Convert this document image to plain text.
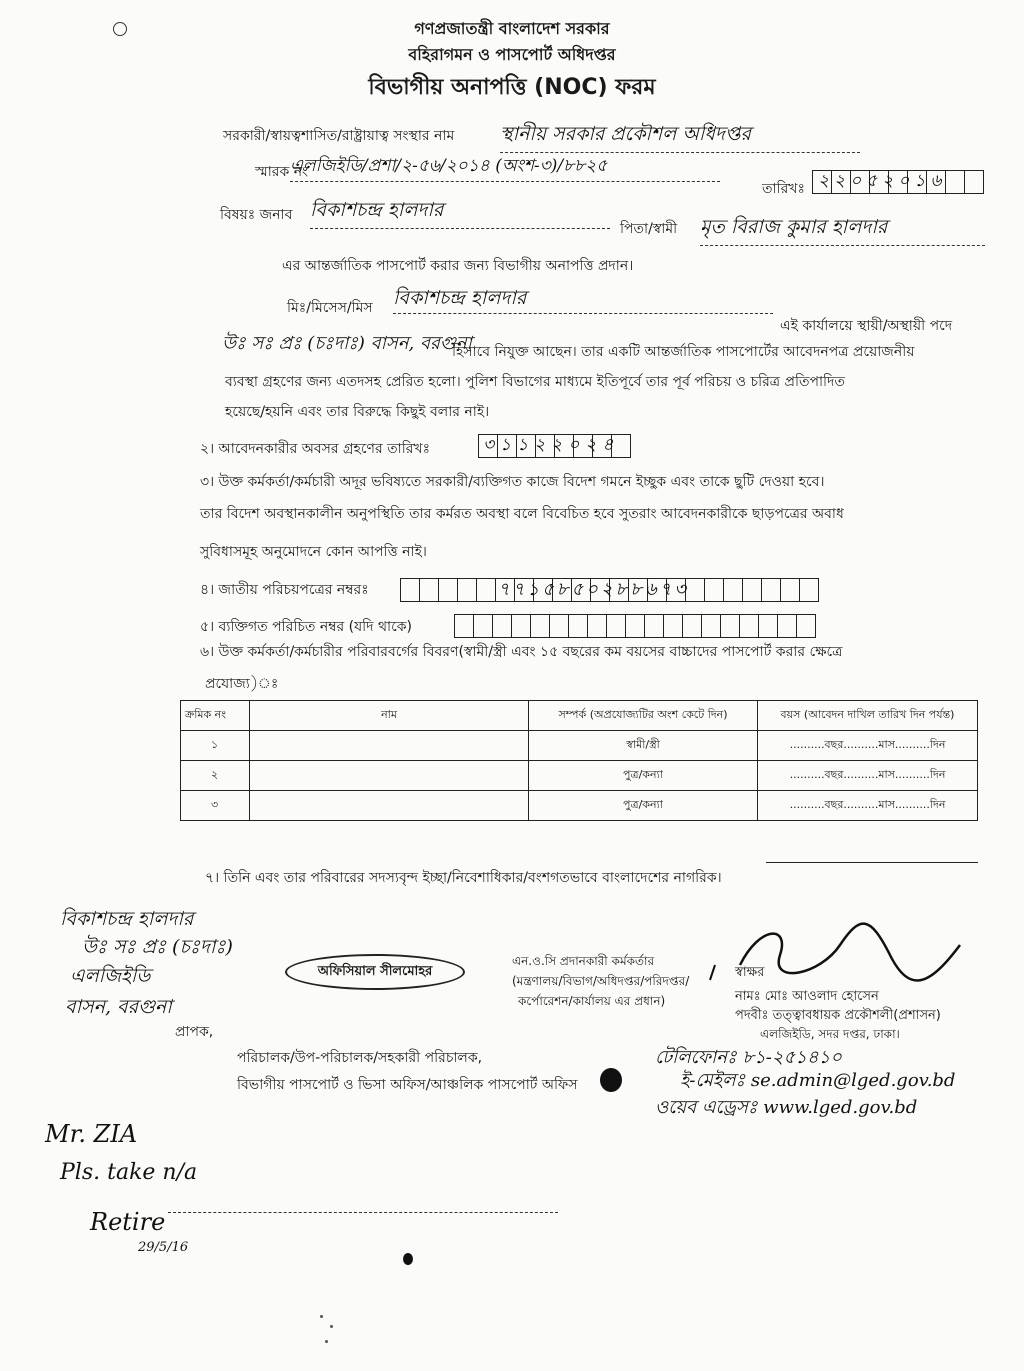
গণপ্রজাতন্ত্রী বাংলাদেশ সরকার
বহিরাগমন ও পাসপোর্ট অধিদপ্তর
বিভাগীয় অনাপত্তি (NOC) ফরম
সরকারী/স্বায়ত্বশাসিত/রাষ্ট্রায়াত্ব সংস্থার নাম স্থানীয় সরকার প্রকৌশল অধিদপ্তর
স্মারক নং
এলজিইডি/প্রশা/২-৫৬/২০১৪ (অংশ-৩)/৮৮২৫
তারিখঃ ২২০৫২০১৬
বিষয়ঃ জনাব বিকাশচন্দ্র হালদার
পিতা/স্বামী মৃত বিরাজ কুমার হালদার
এর আন্তর্জাতিক পাসপোর্ট করার জন্য বিভাগীয় অনাপত্তি প্রদান।
মিঃ/মিসেস/মিস বিকাশচন্দ্র হালদার
এই কার্যালয়ে স্থায়ী/অস্থায়ী পদে
উঃ সঃ প্রঃ (চঃদাঃ) বাসন, বরগুনা
হিসাবে নিযুক্ত আছেন। তার একটি আন্তর্জাতিক পাসপোর্টের আবেদনপত্র প্রয়োজনীয়
ব্যবস্থা গ্রহণের জন্য এতদসহ প্রেরিত হলো। পুলিশ বিভাগের মাধ্যমে ইতিপূর্বে তার পূর্ব পরিচয় ও চরিত্র প্রতিপাদিত
হয়েছে/হয়নি এবং তার বিরুদ্ধে কিছুই বলার নাই।
২। আবেদনকারীর অবসর গ্রহণের তারিখঃ	৩১১২২০২৪
৩। উক্ত কর্মকর্তা/কর্মচারী অদূর ভবিষ্যতে সরকারী/ব্যক্তিগত কাজে বিদেশ গমনে ইচ্ছুক এবং তাকে ছুটি দেওয়া হবে।
তার বিদেশ অবস্থানকালীন অনুপস্থিতি তার কর্মরত অবস্থা বলে বিবেচিত হবে সুতরাং আবেদনকারীকে ছাড়পত্রের অবাধ
সুবিধাসমূহ অনুমোদনে কোন আপত্তি নাই।
৪। জাতীয় পরিচয়পত্রের নম্বরঃ	৭৭১৫৮৫০২৮৮৬৭৩
৫। ব্যক্তিগত পরিচিত নম্বর (যদি থাকে)
৬। উক্ত কর্মকর্তা/কর্মচারীর পরিবারবর্গের বিবরণ(স্বামী/স্ত্রী এবং ১৫ বছরের কম বয়সের বাচ্চাদের পাসপোর্ট করার ক্ষেত্রে
প্রযোজ্য)ঃ
ক্রমিক নং	নাম	সম্পর্ক (অপ্রযোজ্যটির অংশ কেটে দিন)	বয়স (আবেদন দাখিল তারিখ দিন পর্যন্ত)
১		স্বামী/স্ত্রী	..........বছর..........মাস..........দিন
২		পুত্র/কন্যা	..........বছর..........মাস..........দিন
৩		পুত্র/কন্যা	..........বছর..........মাস..........দিন
৭। তিনি এবং তার পরিবারের সদস্যবৃন্দ ইচ্ছা/নিবেশাধিকার/বংশগতভাবে বাংলাদেশের নাগরিক।
বিকাশচন্দ্র হালদার
উঃ সঃ প্রঃ (চঃদাঃ)
এলজিইডি
বাসন, বরগুনা
প্রাপক,
অফিসিয়াল সীলমোহর
এন.ও.সি প্রদানকারী কর্মকর্তার
(মন্ত্রণালয়/বিভাগ/অধিদপ্তর/পরিদপ্তর/
কর্পোরেশন/কার্যালয় এর প্রধান)
স্বাক্ষর
নামঃ মোঃ আওলাদ হোসেন
পদবীঃ তত্ত্বাবধায়ক প্রকৌশলী(প্রশাসন)
এলজিইডি, সদর দপ্তর, ঢাকা।
টেলিফোনঃ ৮১-২৫১৪১০
ই-মেইলঃ se.admin@lged.gov.bd
ওয়েব এড্রেসঃ www.lged.gov.bd
পরিচালক/উপ-পরিচালক/সহকারী পরিচালক,
বিভাগীয় পাসপোর্ট ও ভিসা অফিস/আঞ্চলিক পাসপোর্ট অফিস
Mr. ZIA
Pls. take n/a
Retire
29/5/16
